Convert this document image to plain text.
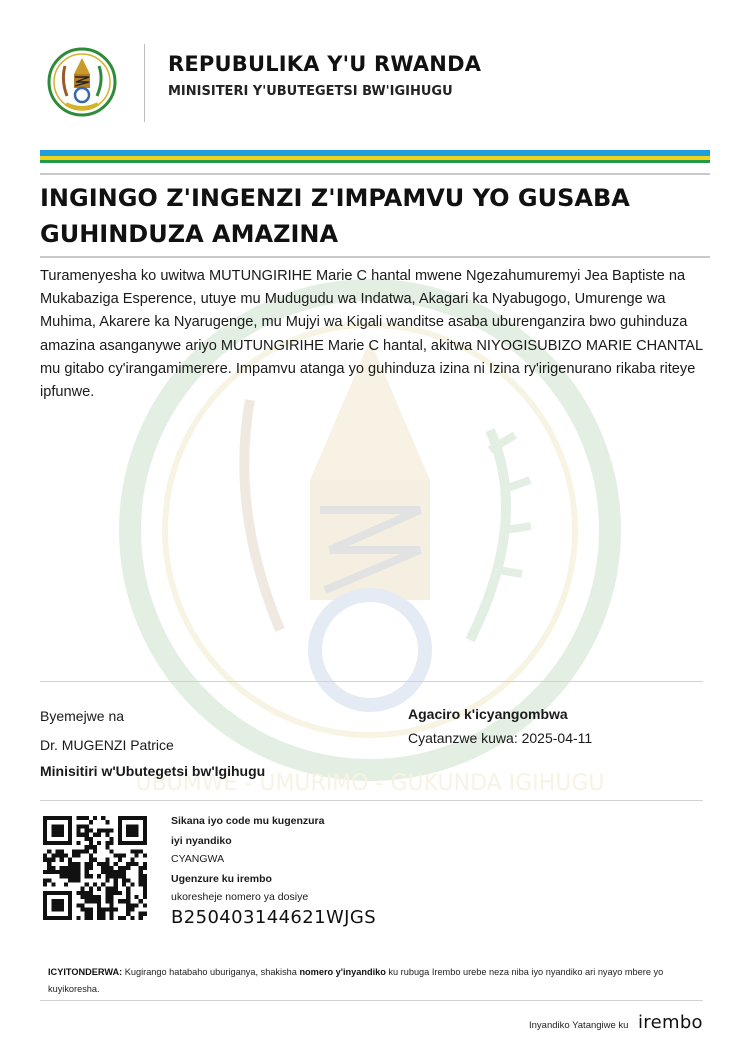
UBUMWE - UMURIMO - GUKUNDA IGIHUGU
REPUBULIKA Y'U RWANDA
MINISITERI Y'UBUTEGETSI BW'IGIHUGU
INGINGO Z'INGENZI Z'IMPAMVU YO GUSABA GUHINDUZA AMAZINA
Turamenyesha ko uwitwa MUTUNGIRIHE Marie C hantal mwene Ngezahumuremyi Jea Baptiste na Mukabaziga Esperence, utuye mu Mudugudu wa Indatwa, Akagari ka Nyabugogo, Umurenge wa Muhima, Akarere ka Nyarugenge, mu Mujyi wa Kigali wanditse asaba uburenganzira bwo guhinduza amazina asanganywe ariyo MUTUNGIRIHE Marie C hantal, akitwa NIYOGISUBIZO MARIE CHANTAL mu gitabo cy'irangamimerere. Impamvu atanga yo guhinduza izina ni Izina ry'irigenurano rikaba riteye ipfunwe.
Byemejwe na
Dr. MUGENZI Patrice
Minisitiri w'Ubutegetsi bw'Igihugu
Agaciro k'icyangombwa
Cyatanzwe kuwa: 2025-04-11
Sikana iyo code mu kugenzura
iyi nyandiko
CYANGWA
Ugenzure ku irembo
ukoresheje nomero ya dosiye
B250403144621WJGS
ICYITONDERWA: Kugirango hatabaho uburiganya, shakisha nomero y'inyandiko ku rubuga Irembo urebe neza niba iyo nyandiko ari nyayo mbere yo kuyikoresha.
Inyandiko Yatangiwe ku irembo
